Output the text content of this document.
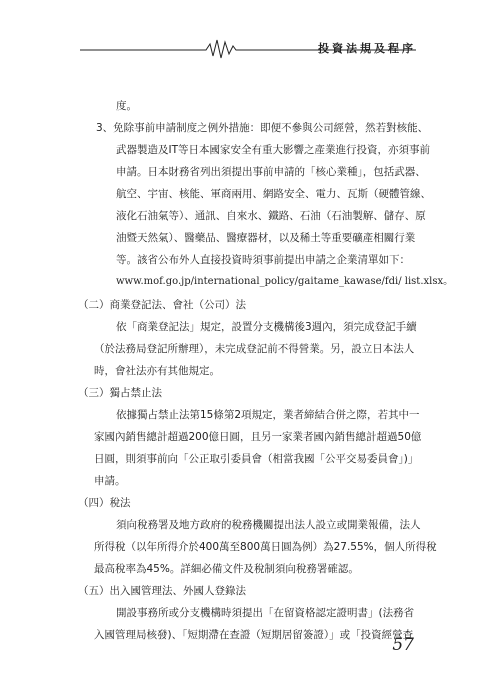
投資法規及程序
度。
3、免除事前申請制度之例外措施：即便不參與公司經營，然若對核能、
武器製造及IT等日本國家安全有重大影響之產業進行投資，亦須事前
申請。日本財務省列出須提出事前申請的「核心業種」，包括武器、
航空、宇宙、核能、軍商兩用、網路安全、電力、瓦斯（硬體管線、
液化石油氣等）、通訊、自來水、鐵路、石油（石油製解、儲存、原
油暨天然氣）、醫藥品、醫療器材，以及稀土等重要礦產相關行業
等。該省公布外人直接投資時須事前提出申請之企業清單如下：
www.mof.go.jp/international_policy/gaitame_kawase/fdi/ list.xlsx。
（二）商業登記法、會社（公司）法
依「商業登記法」規定，設置分支機構後3週內，須完成登記手續
（於法務局登記所辦理），未完成登記前不得營業。另，設立日本法人
時，會社法亦有其他規定。
（三）獨占禁止法
依據獨占禁止法第15條第2項規定，業者締結合併之際，若其中一
家國內銷售總計超過200億日圓，且另一家業者國內銷售總計超過50億
日圓，則須事前向「公正取引委員會（相當我國「公平交易委員會」)」
申請。
（四）稅法
須向稅務署及地方政府的稅務機關提出法人設立或開業報備，法人
所得稅（以年所得介於400萬至800萬日圓為例）為27.55%，個人所得稅
最高稅率為45%。詳細必備文件及稅制須向稅務署確認。
（五）出入國管理法、外國人登錄法
開設事務所或分支機構時須提出「在留資格認定證明書」(法務省
入國管理局核發)、「短期滯在查證（短期居留簽證）」或「投資經營查
57
